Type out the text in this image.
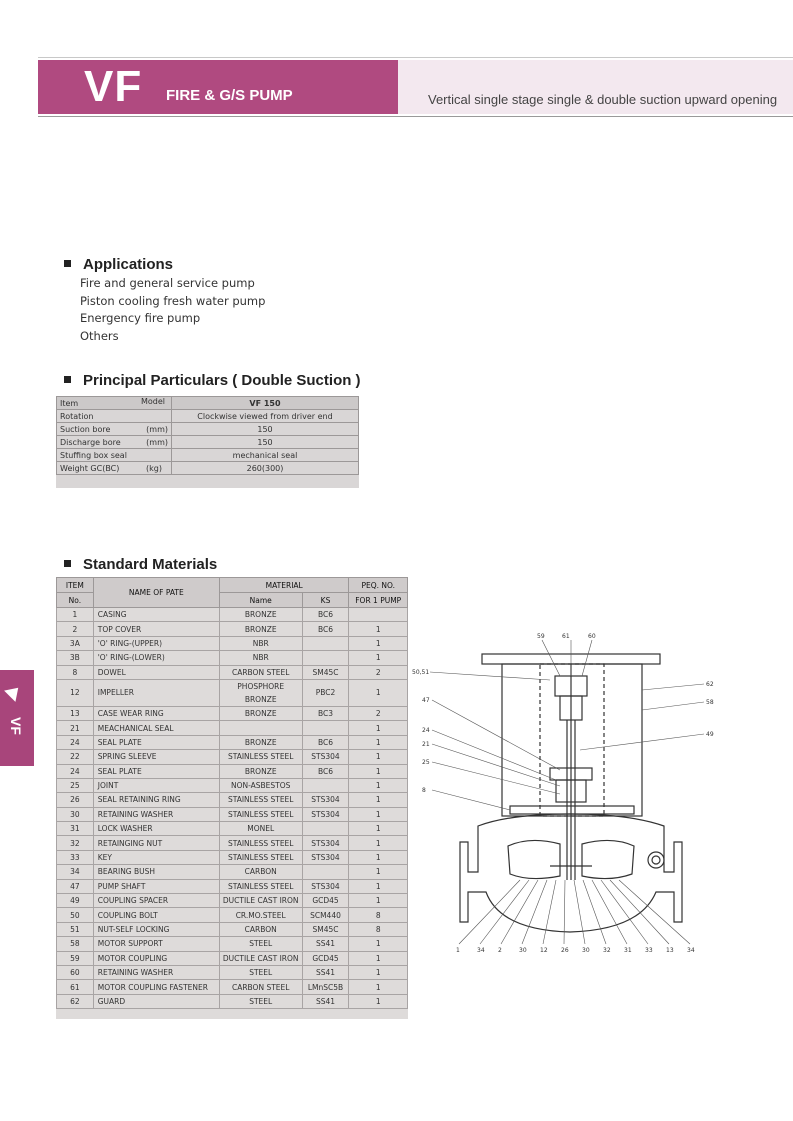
VF FIRE & G/S PUMP	Vertical single stage single & double suction upward opening
Applications
Fire and general service pump
Piston cooling fresh water pump
Energency fire pump
Others
Principal Particulars ( Double Suction )
Item Model	VF 150
Rotation	Clockwise viewed from driver end
Suction bore (mm)	150
Discharge bore (mm)	150
Stuffing box seal	mechanical seal
Weight GC(BC) (kg)	260(300)
Standard Materials
ITEM	NAME OF PATE	MATERIAL		PEQ. NO.
No.		Name	KS	FOR 1 PUMP
1	CASING	BRONZE	BC6	
2	TOP COVER	BRONZE	BC6	1
3A	'O' RING-(UPPER)	NBR		1
3B	'O' RING-(LOWER)	NBR		1
8	DOWEL	CARBON STEEL	SM45C	2
12	IMPELLER	PHOSPHORE BRONZE	PBC2	1
13	CASE WEAR RING	BRONZE	BC3	2
21	MEACHANICAL SEAL			1
24	SEAL PLATE	BRONZE	BC6	1
22	SPRING SLEEVE	STAINLESS STEEL	STS304	1
24	SEAL PLATE	BRONZE	BC6	1
25	JOINT	NON-ASBESTOS		1
26	SEAL RETAINING RING	STAINLESS STEEL	STS304	1
30	RETAINING WASHER	STAINLESS STEEL	STS304	1
31	LOCK WASHER	MONEL		1
32	RETAINGING NUT	STAINLESS STEEL	STS304	1
33	KEY	STAINLESS STEEL	STS304	1
34	BEARING BUSH	CARBON		1
47	PUMP SHAFT	STAINLESS STEEL	STS304	1
49	COUPLING SPACER	DUCTILE CAST IRON	GCD45	1
50	COUPLING BOLT	CR.MO.STEEL	SCM440	8
51	NUT-SELF LOCKING	CARBON	SM45C	8
58	MOTOR SUPPORT	STEEL	SS41	1
59	MOTOR COUPLING	DUCTILE CAST IRON	GCD45	1
60	RETAINING WASHER	STEEL	SS41	1
61	MOTOR COUPLING FASTENER	CARBON STEEL	LMnSC5B	1
62	GUARD	STEEL	SS41	1
VF
59	61	60
50,51
47
24
21
25
8
62
58
49
1	34 2	30 12 26 30 32 31 33 13 34
